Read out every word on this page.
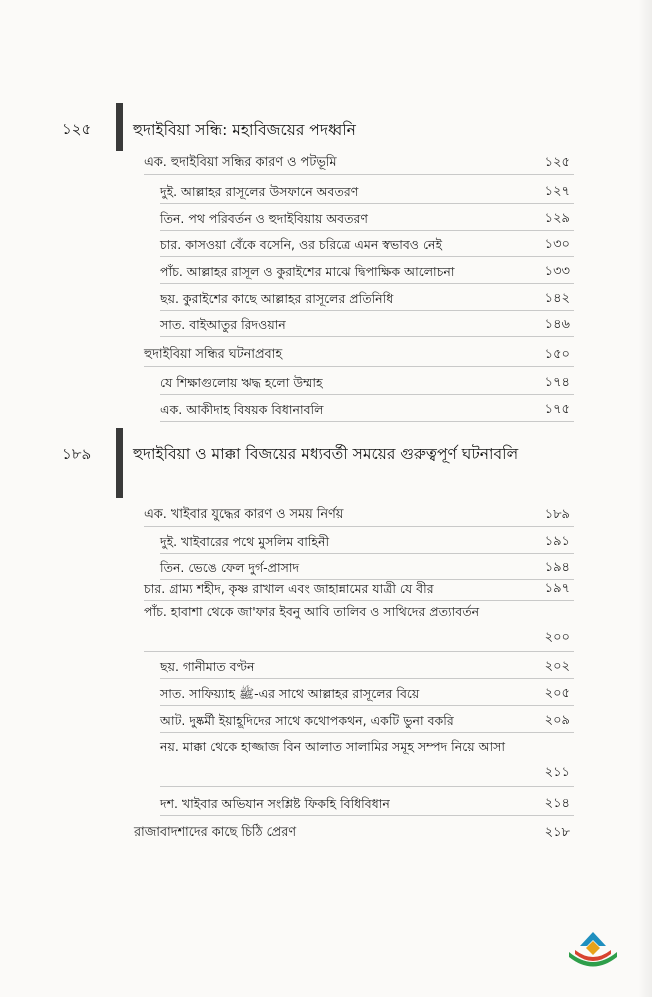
১২৫	হুদাইবিয়া সন্ধি: মহাবিজয়ের পদধ্বনি
এক. হুদাইবিয়া সন্ধির কারণ ও পটভূমি	১২৫
দুই. আল্লাহর রাসূলের উসফানে অবতরণ	১২৭
তিন. পথ পরিবর্তন ও হুদাইবিয়ায় অবতরণ	১২৯
চার. কাসওয়া বেঁকে বসেনি, ওর চরিত্রে এমন স্বভাবও নেই	১৩০
পাঁচ. আল্লাহর রাসূল ও কুরাইশের মাঝে দ্বিপাক্ষিক আলোচনা	১৩৩
ছয়. কুরাইশের কাছে আল্লাহর রাসূলের প্রতিনিধি	১৪২
সাত. বাইআতুর রিদওয়ান	১৪৬
হুদাইবিয়া সন্ধির ঘটনাপ্রবাহ	১৫০
যে শিক্ষাগুলোয় ঋদ্ধ হলো উম্মাহ	১৭৪
এক. আকীদাহ বিষয়ক বিধানাবলি	১৭৫
১৮৯	হুদাইবিয়া ও মাক্কা বিজয়ের মধ্যবর্তী সময়ের গুরুত্বপূর্ণ ঘটনাবলি
এক. খাইবার যুদ্ধের কারণ ও সময় নির্ণয়	১৮৯
দুই. খাইবারের পথে মুসলিম বাহিনী	১৯১
তিন. ভেঙে ফেল দুর্গ-প্রাসাদ	১৯৪
চার. গ্রাম্য শহীদ, কৃষ্ণ রাখাল এবং জাহান্নামের যাত্রী যে বীর	১৯৭
পাঁচ. হাবাশা থেকে জা'ফার ইবনু আবি তালিব ও সাথিদের প্রত্যাবর্তন
২০০
ছয়. গানীমাত বণ্টন	২০২
সাত. সাফিয়্যাহ ﷺ-এর সাথে আল্লাহর রাসূলের বিয়ে	২০৫
আট. দুষ্কর্মী ইয়াহূদিদের সাথে কথোপকথন, একটি ভুনা বকরি	২০৯
নয়. মাক্কা থেকে হাজ্জাজ বিন আলাত সালামির সমূহ সম্পদ নিয়ে আসা
২১১
দশ. খাইবার অভিযান সংশ্লিষ্ট ফিকহি বিধিবিধান	২১৪
রাজাবাদশাদের কাছে চিঠি প্রেরণ	২১৮
